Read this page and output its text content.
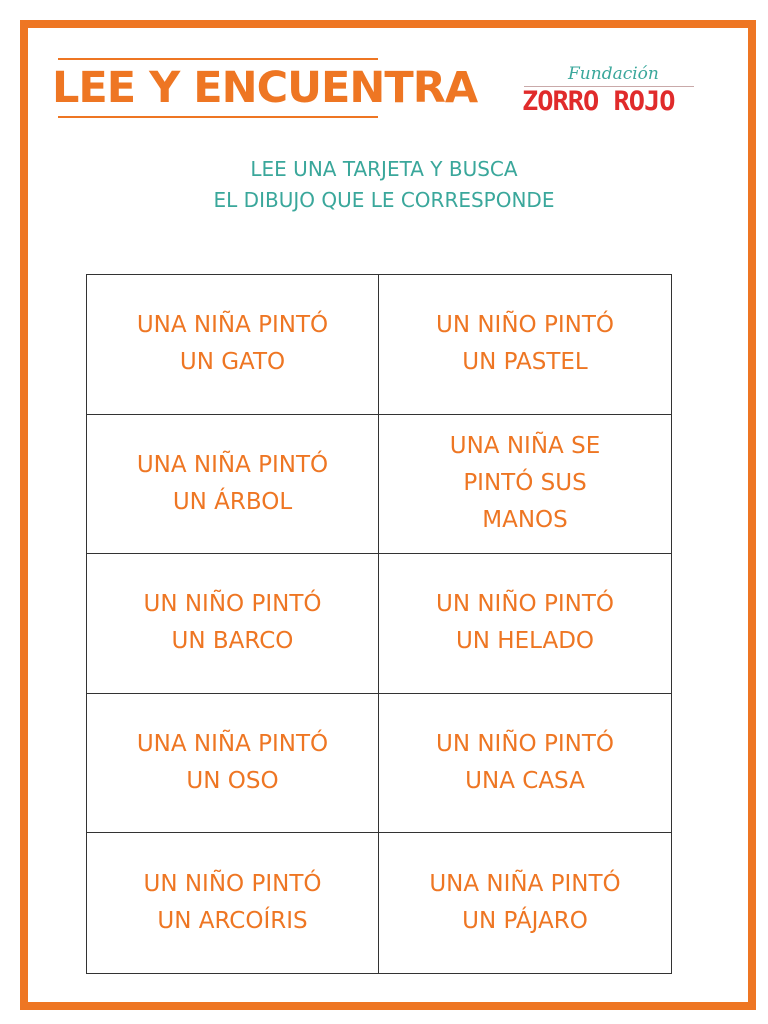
LEE Y ENCUENTRA	Fundación
ZORRO ROJO
LEE UNA TARJETA Y BUSCA
EL DIBUJO QUE LE CORRESPONDE
UNA NIÑA PINTÓ
UN GATO
UN NIÑO PINTÓ
UN PASTEL
UNA NIÑA PINTÓ
UN ÁRBOL
UNA NIÑA SE
PINTÓ SUS
MANOS
UN NIÑO PINTÓ
UN BARCO
UN NIÑO PINTÓ
UN HELADO
UNA NIÑA PINTÓ
UN OSO
UN NIÑO PINTÓ
UNA CASA
UN NIÑO PINTÓ
UN ARCOÍRIS
UNA NIÑA PINTÓ
UN PÁJARO
